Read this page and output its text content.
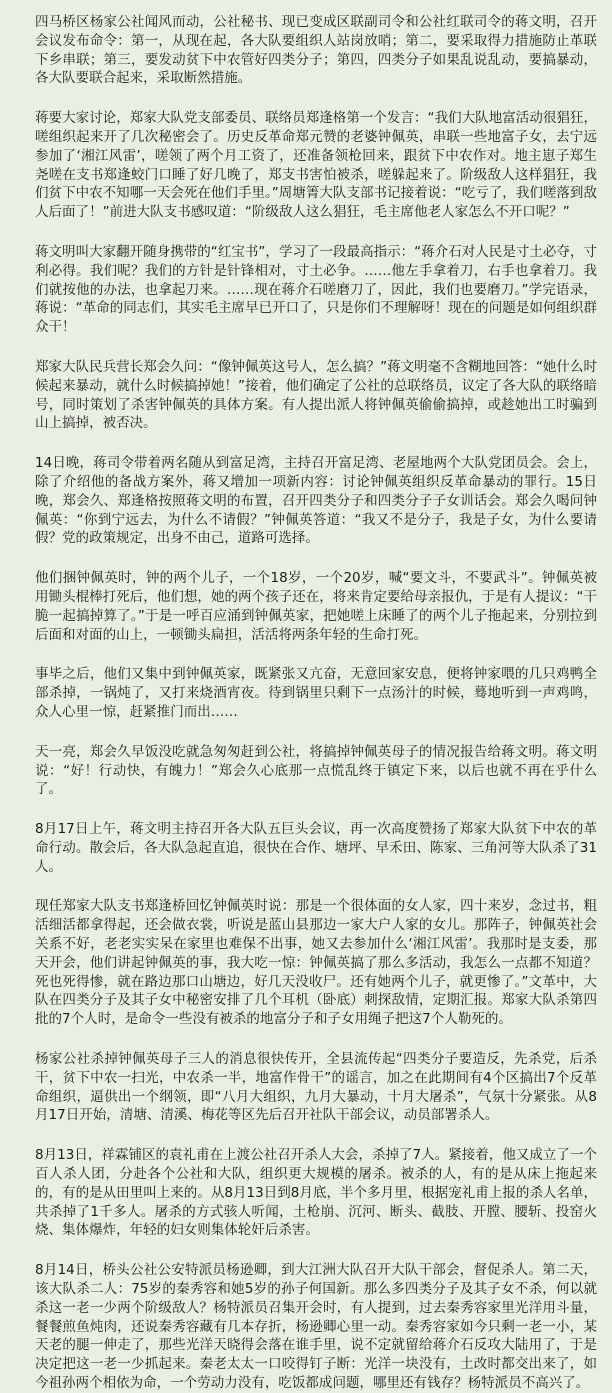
四马桥区杨家公社闻风而动，公社秘书、现已变成区联副司令和公社红联司令的蒋文明，召开会议发布命令：第一，从现在起，各大队要组织人站岗放哨；第二，要采取得力措施防止革联下乡串联；第三，要发动贫下中农管好四类分子；第四，四类分子如果乱说乱动，要搞暴动，各大队要联合起来，采取断然措施。

蒋要大家讨论，郑家大队党支部委员、联络员郑逢格第一个发言：“我们大队地富活动很猖狂，嗟组织起来开了几次秘密会了。历史反革命郑元赞的老婆钟佩英，串联一些地富子女，去宁远参加了‘湘江风雷’，嗟领了两个月工资了，还准备领枪回来，跟贫下中农作对。地主崽子郑生尧嗟在支书郑逢蛟门口睡了好几晚了，郑支书害怕被杀，嗟躲起来了。阶级敌人这样猖狂，我们贫下中农不知哪一天会死在他们手里。”周塘箐大队支部书记接着说：“吃亏了，我们嗟落到敌人后面了！”前进大队支书感叹道：“阶级敌人这么猖狂，毛主席他老人家怎么不开口呢？”

蒋文明叫大家翻开随身携带的“红宝书”，学习了一段最高指示：“蒋介石对人民是寸土必夺，寸利必得。我们呢？我们的方针是针锋相对，寸土必争。……他左手拿着刀，右手也拿着刀。我们就按他的办法，也拿起刀来。……现在蒋介石嗟磨刀了，因此，我们也要磨刀。”学完语录，蒋说：“革命的同志们，其实毛主席早已开口了，只是你们不理解呀！现在的问题是如何组织群众干！

郑家大队民兵营长郑会久问：“像钟佩英这号人，怎么搞？”蒋文明毫不含糊地回答：“她什么时候起来暴动，就什么时候搞掉她！”接着，他们确定了公社的总联络员，议定了各大队的联络暗号，同时策划了杀害钟佩英的具体方案。有人提出派人将钟佩英偷偷搞掉，或趁她出工时骗到山上搞掉，被否决。

14日晚，蒋司令带着两名随从到富足湾，主持召开富足湾、老屋地两个大队党团员会。会上，除了介绍他的备战方案外，蒋又增加一项新内容：讨论钟佩英组织反革命暴动的罪行。15日晚，郑会久、郑逢格按照蒋文明的布置，召开四类分子和四类分子子女训话会。郑会久喝问钟佩英：“你到宁远去，为什么不请假？”钟佩英答道：“我又不是分子，我是子女，为什么要请假？党的政策规定，出身不由己，道路可选择。

他们捆钟佩英时，钟的两个儿子，一个18岁，一个20岁，喊“要文斗，不要武斗”。钟佩英被用锄头棍棒打死后，他们想，她的两个孩子还在，将来肯定要给母亲报仇，于是有人提议：“干脆一起搞掉算了。”于是一呼百应涌到钟佩英家，把她嗟上床睡了的两个儿子拖起来，分别拉到后面和对面的山上，一顿锄头扁担，活活将两条年轻的生命打死。

事毕之后，他们又集中到钟佩英家，既紧张又亢奋，无意回家安息，便将钟家喂的几只鸡鸭全部杀掉，一锅炖了，又打来烧酒宵夜。待到锅里只剩下一点汤汁的时候，蓦地听到一声鸡鸣，众人心里一惊，赶紧推门而出……

天一亮，郑会久早饭没吃就急匆匆赶到公社，将搞掉钟佩英母子的情况报告给蒋文明。蒋文明说：“好！行动快，有魄力！”郑会久心底那一点慌乱终于镇定下来，以后也就不再在乎什么了。

8月17日上午，蒋文明主持召开各大队五巨头会议，再一次高度赞扬了郑家大队贫下中农的革命行动。散会后，各大队急起直追，很快在合作、塘坪、早禾田、陈家、三角河等大队杀了31人。

现任郑家大队支书郑逢桥回忆钟佩英时说：那是一个很体面的女人家，四十来岁，念过书，粗活细活都拿得起，还会做衣裳，听说是蓝山县那边一家大户人家的女儿。那阵子，钟佩英社会关系不好，老老实实呆在家里也难保不出事，她又去参加什么‘湘江风雷’。我那时是支委，那天开会，他们讲起钟佩英的事，我大吃一惊：钟佩英搞了那么多活动，我怎么一点都不知道？死也死得惨，就在路边那口山塘边，好几天没收尸。还有她两个儿子，就更惨了。”文革中，大队在四类分子及其子女中秘密安排了几个耳机（卧底）刺探敌情，定期汇报。郑家大队杀第四批的7个人时，是命令一些没有被杀的地富分子和子女用绳子把这7个人勒死的。

杨家公社杀掉钟佩英母子三人的消息很快传开，全县流传起“四类分子要造反，先杀党，后杀干，贫下中农一扫光，中农杀一半，地富作骨干”的谣言，加之在此期间有4个区搞出7个反革命组织，逼供出一个纲领，即“八月大组织，九月大暴动，十月大屠杀”，气氛十分紧张。从8月17日开始，清塘、清溪、梅花等区先后召开社队干部会议，动员部署杀人。

8月13日，祥霖铺区的袁礼甫在上渡公社召开杀人大会，杀掉了7人。紧接着，他又成立了一个百人杀人团，分赴各个公社和大队，组织更大规模的屠杀。被杀的人，有的是从床上拖起来的，有的是从田里叫上来的。从8月13日到8月底，半个多月里，根据宠礼甫上报的杀人名单，共杀掉了1千多人。屠杀的方式骇人听闻，土枪崩、沉河、断头、截肢、开膛、腰斩、投窑火烧、集体爆炸，年轻的妇女则集体轮奸后杀害。

8月14日，桥头公社公安特派员杨逊卿，到大江洲大队召开大队干部会，督促杀人。第二天，该大队杀二人：75岁的秦秀容和她5岁的孙子何国新。那么多四类分子及其子女不杀，何以就杀这一老一少两个阶级敌人？杨特派员召集开会时，有人提到，过去秦秀容家里光洋用斗量，餐餐煎鱼炖肉，还说秦秀容藏有几本存折，杨逊卿心里一动。秦秀容家如今只剩一老一小，某天老的腿一伸走了，那些光洋天晓得会落在谁手里，说不定就留给蒋介石反攻大陆用了，于是决定把这一老一少抓起来。秦老太太一口咬得钉子断：光洋一块没有，土改时都交出来了，如今祖孙两个相依为命，一个劳动力没有，吃饭都成问题，哪里还有钱存？杨特派员不高兴了。
